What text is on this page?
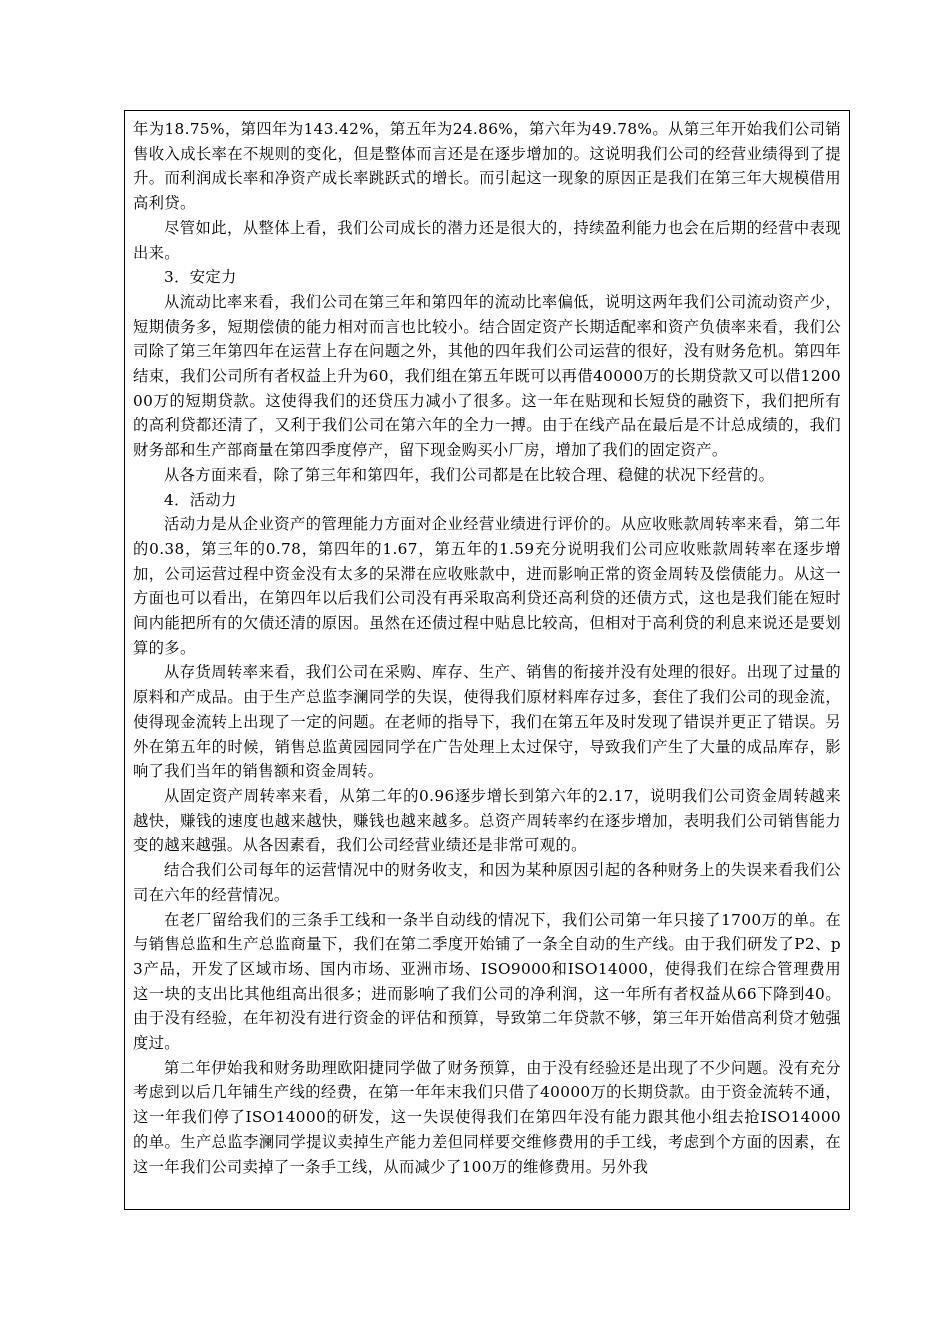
年为18.75%，第四年为143.42%，第五年为24.86%，第六年为49.78%。从第三年开始我们公司销售收入成长率在不规则的变化，但是整体而言还是在逐步增加的。这说明我们公司的经营业绩得到了提升。而利润成长率和净资产成长率跳跃式的增长。而引起这一现象的原因正是我们在第三年大规模借用高利贷。

尽管如此，从整体上看，我们公司成长的潜力还是很大的，持续盈利能力也会在后期的经营中表现出来。

3．安定力

从流动比率来看，我们公司在第三年和第四年的流动比率偏低，说明这两年我们公司流动资产少，短期债务多，短期偿债的能力相对而言也比较小。结合固定资产长期适配率和资产负债率来看，我们公司除了第三年第四年在运营上存在问题之外，其他的四年我们公司运营的很好，没有财务危机。第四年结束，我们公司所有者权益上升为60，我们组在第五年既可以再借40000万的长期贷款又可以借120000万的短期贷款。这使得我们的还贷压力减小了很多。这一年在贴现和长短贷的融资下，我们把所有的高利贷都还清了，又利于我们公司在第六年的全力一搏。由于在线产品在最后是不计总成绩的，我们财务部和生产部商量在第四季度停产，留下现金购买小厂房，增加了我们的固定资产。

从各方面来看，除了第三年和第四年，我们公司都是在比较合理、稳健的状况下经营的。

4．活动力

活动力是从企业资产的管理能力方面对企业经营业绩进行评价的。从应收账款周转率来看，第二年的0.38，第三年的0.78，第四年的1.67，第五年的1.59充分说明我们公司应收账款周转率在逐步增加，公司运营过程中资金没有太多的呆滞在应收账款中，进而影响正常的资金周转及偿债能力。从这一方面也可以看出，在第四年以后我们公司没有再采取高利贷还高利贷的还债方式，这也是我们能在短时间内能把所有的欠债还清的原因。虽然在还债过程中贴息比较高，但相对于高利贷的利息来说还是要划算的多。

从存货周转率来看，我们公司在采购、库存、生产、销售的衔接并没有处理的很好。出现了过量的原料和产成品。由于生产总监李澜同学的失误，使得我们原材料库存过多，套住了我们公司的现金流，使得现金流转上出现了一定的问题。在老师的指导下，我们在第五年及时发现了错误并更正了错误。另外在第五年的时候，销售总监黄园园同学在广告处理上太过保守，导致我们产生了大量的成品库存，影响了我们当年的销售额和资金周转。

从固定资产周转率来看，从第二年的0.96逐步增长到第六年的2.17，说明我们公司资金周转越来越快，赚钱的速度也越来越快，赚钱也越来越多。总资产周转率约在逐步增加，表明我们公司销售能力变的越来越强。从各因素看，我们公司经营业绩还是非常可观的。

结合我们公司每年的运营情况中的财务收支，和因为某种原因引起的各种财务上的失误来看我们公司在六年的经营情况。

在老厂留给我们的三条手工线和一条半自动线的情况下，我们公司第一年只接了1700万的单。在与销售总监和生产总监商量下，我们在第二季度开始铺了一条全自动的生产线。由于我们研发了P2、p3产品，开发了区域市场、国内市场、亚洲市场、ISO9000和ISO14000，使得我们在综合管理费用这一块的支出比其他组高出很多；进而影响了我们公司的净利润，这一年所有者权益从66下降到40。由于没有经验，在年初没有进行资金的评估和预算，导致第二年贷款不够，第三年开始借高利贷才勉强度过。

第二年伊始我和财务助理欧阳捷同学做了财务预算，由于没有经验还是出现了不少问题。没有充分考虑到以后几年铺生产线的经费，在第一年年末我们只借了40000万的长期贷款。由于资金流转不通，这一年我们停了ISO14000的研发，这一失误使得我们在第四年没有能力跟其他小组去抢ISO14000的单。生产总监李澜同学提议卖掉生产能力差但同样要交维修费用的手工线，考虑到个方面的因素，在这一年我们公司卖掉了一条手工线，从而减少了100万的维修费用。另外我
